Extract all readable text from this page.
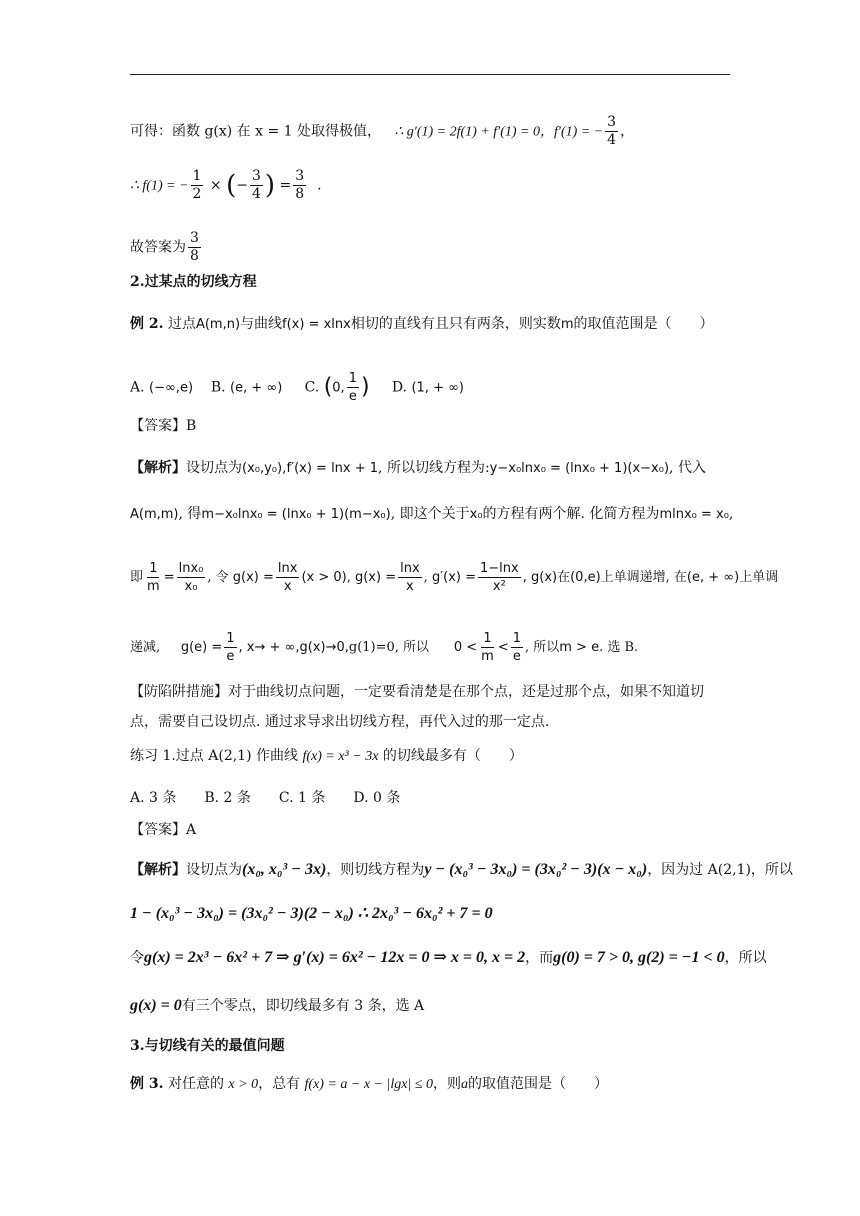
可得：函数 g(x) 在 x = 1 处取得极值， ∴ g′(1) = 2f(1) + f′(1) = 0，f′(1) = − $\frac{3}{4}$ ，
∴ f(1) = − $\frac{1}{2}$ × (− $\frac{3}{4}$ ) = $\frac{3}{8}$ .
故答案为 $\frac{3}{8}$
2.过某点的切线方程
例 2. 过点A(m,n)与曲线f(x) = xlnx相切的直线有且只有两条，则实数m的取值范围是（　　）
A. (−∞,e) B. (e, + ∞) C. (0, $\frac{1}{e}$ ) D. (1, + ∞)
【答案】B
【解析】设切点为(x₀,y₀),f′(x) = lnx + 1, 所以切线方程为:y−x₀lnx₀ = (lnx₀ + 1)(x−x₀), 代入
A(m,m), 得m−x₀lnx₀ = (lnx₀ + 1)(m−x₀), 即这个关于x₀的方程有两个解. 化简方程为mlnx₀ = x₀,
即 $\frac{1}{m} = \frac{\text{lnx₀}}{\text{x₀}}$ , 令 $g(x) = \frac{\ln x}{x} (x > 0)$, $g(x) = \frac{\ln x}{x}$ , $g'(x) = \frac{1-\ln x}{\text{x²}}$ , g(x)在(0,e)上单调递增, 在(e, + ∞)上单调
递减, $g(e) = \frac{1}{e}$ , x→ + ∞,g(x)→0,g(1)=0, 所以 $0 < \frac{1}{m} < \frac{1}{e}$ , 所以m > e. 选 B.
【防陷阱措施】对于曲线切点问题，一定要看清楚是在那个点，还是过那个点，如果不知道切
点，需要自己设切点. 通过求导求出切线方程，再代入过的那一定点.
练习 1.过点 A(2,1) 作曲线 f(x) = x³ − 3x 的切线最多有（　　）
A. 3 条　　B. 2 条　　C. 1 条　　D. 0 条
【答案】A
【解析】设切点为(x₀, x₀³ − 3x)，则切线方程为y − (x₀³ − 3x₀) = (3x₀² − 3)(x − x₀)，因为过 A(2,1)，所以
1 − (x₀³ − 3x₀) = (3x₀² − 3)(2 − x₀) ∴ 2x₀³ − 6x₀² + 7 = 0
令g(x) = 2x³ − 6x² + 7 ⇒ g′(x) = 6x² − 12x = 0 ⇒ x = 0, x = 2，而g(0) = 7 > 0, g(2) = −1 < 0，所以
g(x) = 0有三个零点，即切线最多有 3 条，选 A
3.与切线有关的最值问题
例 3. 对任意的 x > 0，总有 f(x) = a − x − |lgx| ≤ 0，则a的取值范围是（　　）
